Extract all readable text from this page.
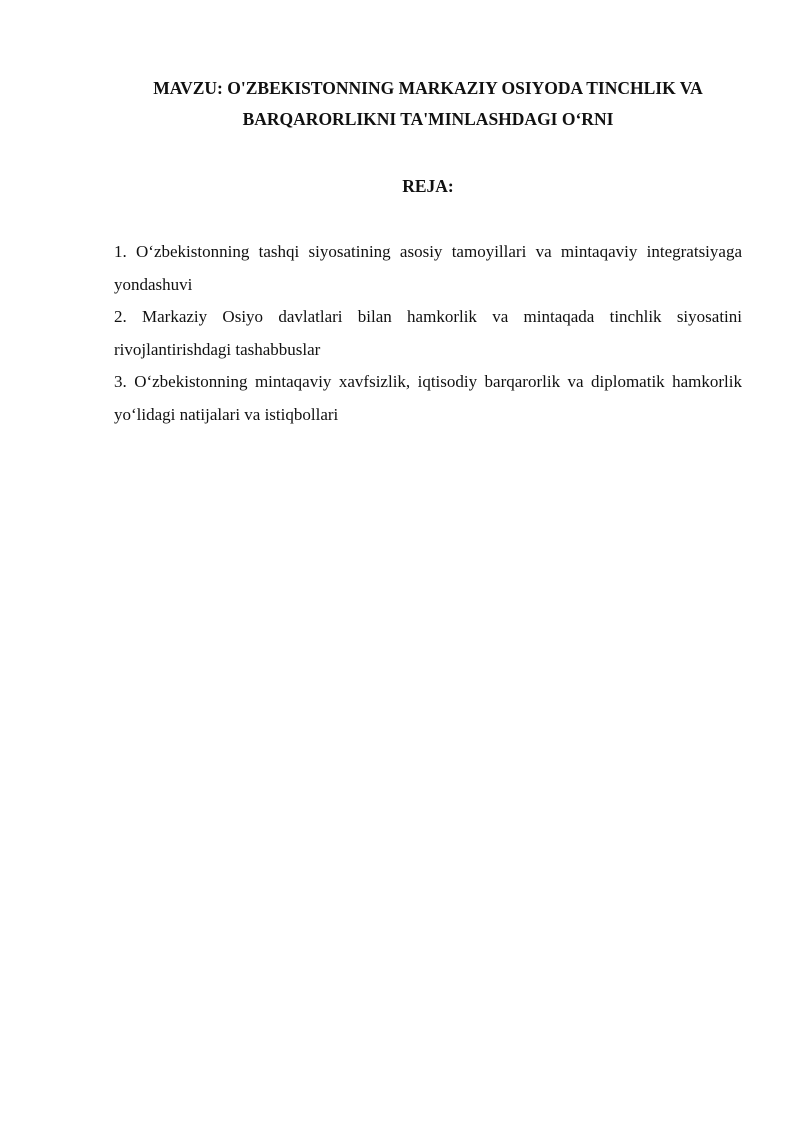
MAVZU: O'ZBEKISTONNING MARKAZIY OSIYODA TINCHLIK VA
BARQARORLIKNI TA'MINLASHDAGI O‘RNI
REJA:
1. O‘zbekistonning tashqi siyosatining asosiy tamoyillari va mintaqaviy integratsiyaga yondashuvi
2. Markaziy Osiyo davlatlari bilan hamkorlik va mintaqada tinchlik siyosatini rivojlantirishdagi tashabbuslar
3. O‘zbekistonning mintaqaviy xavfsizlik, iqtisodiy barqarorlik va diplomatik hamkorlik yo‘lidagi natijalari va istiqbollari
